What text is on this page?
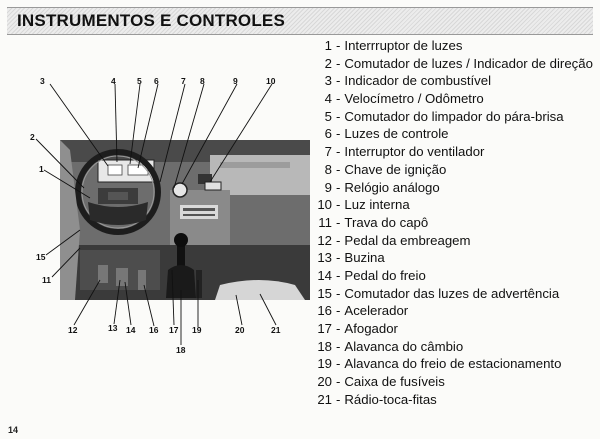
INSTRUMENTOS E CONTROLES
3	4	5 6	7 8	9	10
2
1
15
11
12	13 14 16 17 19
18
20	21
1 - Interrruptor de luzes
2 - Comutador de luzes / Indicador de direção
3 - Indicador de combustível
4 - Velocímetro / Odômetro
5 - Comutador do limpador do pára-brisa
6 - Luzes de controle
7 - Interruptor do ventilador
8 - Chave de ignição
9 - Relógio análogo
10 - Luz interna
11 - Trava do capô
12 - Pedal da embreagem
13 - Buzina
14 - Pedal do freio
15 - Comutador das luzes de advertência
16 - Acelerador
17 - Afogador
18 - Alavanca do câmbio
19 - Alavanca do freio de estacionamento
20 - Caixa de fusíveis
21 - Rádio-toca-fitas
14
